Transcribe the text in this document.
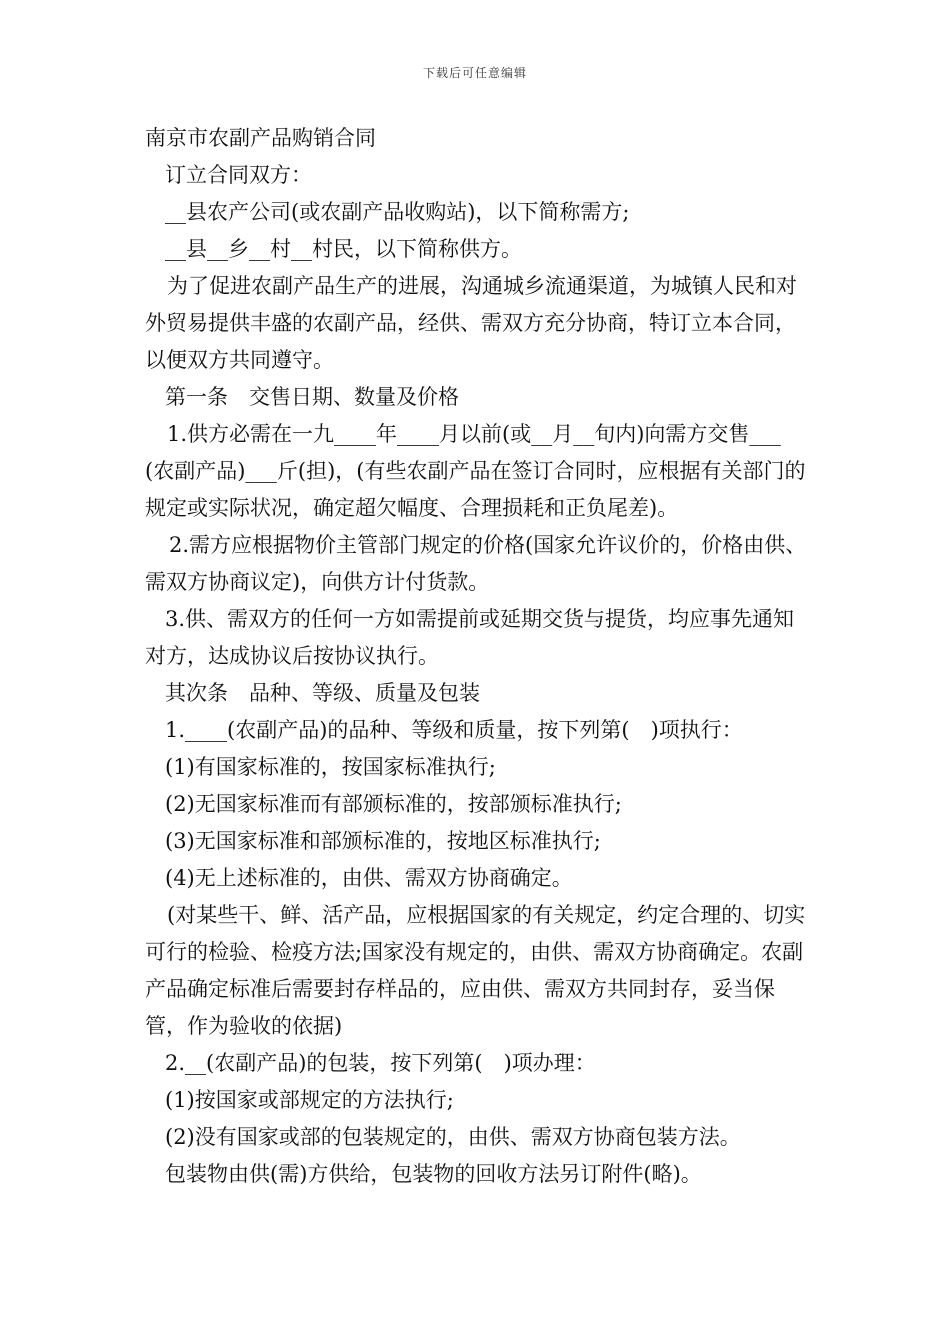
下载后可任意编辑

南京市农副产品购销合同

订立合同双方：

__县农产公司(或农副产品收购站)，以下简称需方;

__县__乡__村__村民，以下简称供方。

为了促进农副产品生产的进展，沟通城乡流通渠道，为城镇人民和对外贸易提供丰盛的农副产品，经供、需双方充分协商，特订立本合同，以便双方共同遵守。

第一条　交售日期、数量及价格

1.供方必需在一九____年____月以前(或__月__旬内)向需方交售___(农副产品)___斤(担)，(有些农副产品在签订合同时，应根据有关部门的规定或实际状况，确定超欠幅度、合理损耗和正负尾差)。

2.需方应根据物价主管部门规定的价格(国家允许议价的，价格由供、需双方协商议定)，向供方计付货款。

3.供、需双方的任何一方如需提前或延期交货与提货，均应事先通知对方，达成协议后按协议执行。

其次条　品种、等级、质量及包装

1.____(农副产品)的品种、等级和质量，按下列第(　)项执行：

(1)有国家标准的，按国家标准执行;

(2)无国家标准而有部颁标准的，按部颁标准执行;

(3)无国家标准和部颁标准的，按地区标准执行;

(4)无上述标准的，由供、需双方协商确定。

(对某些干、鲜、活产品，应根据国家的有关规定，约定合理的、切实可行的检验、检疫方法;国家没有规定的，由供、需双方协商确定。农副产品确定标准后需要封存样品的，应由供、需双方共同封存，妥当保管，作为验收的依据)

2.__(农副产品)的包装，按下列第(　)项办理：

(1)按国家或部规定的方法执行;

(2)没有国家或部的包装规定的，由供、需双方协商包装方法。

包装物由供(需)方供给，包装物的回收方法另订附件(略)。
